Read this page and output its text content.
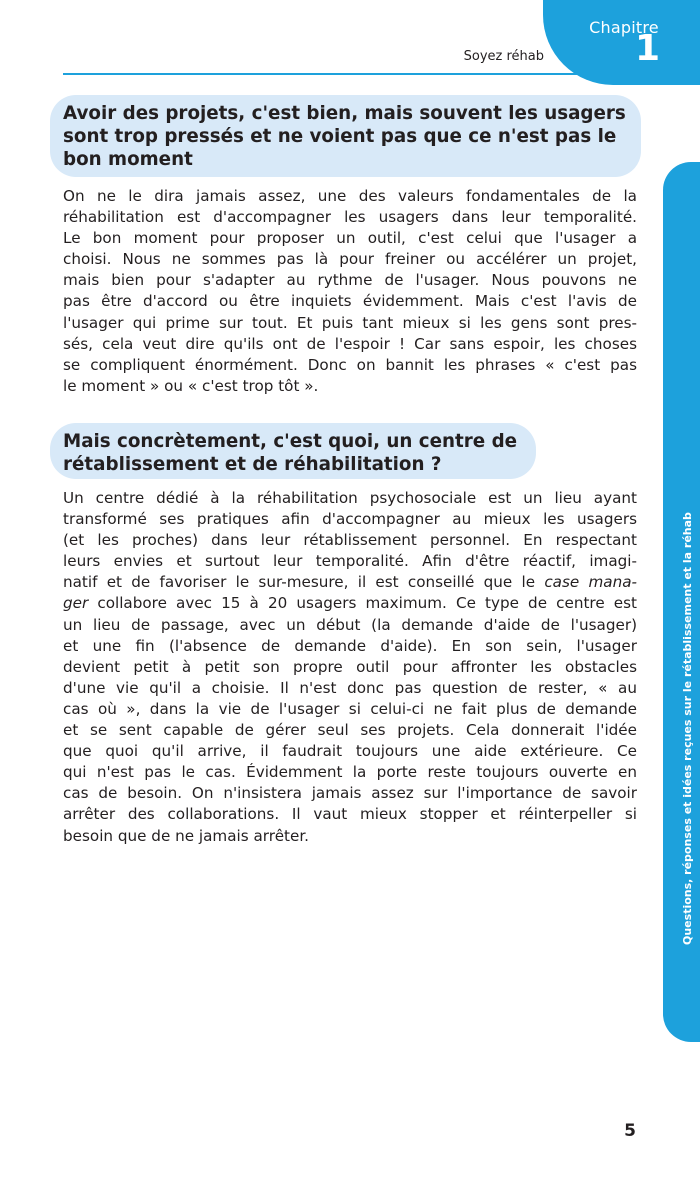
Chapitre
1
Soyez réhab
Questions, réponses et idées reçues sur le rétablissement et la réhab
Avoir des projets, c'est bien, mais souvent les usagers
sont trop pressés et ne voient pas que ce n'est pas le
bon moment
On ne le dira jamais assez, une des valeurs fondamentales de la
réhabilitation est d'accompagner les usagers dans leur temporalité.
Le bon moment pour proposer un outil, c'est celui que l'usager a
choisi. Nous ne sommes pas là pour freiner ou accélérer un projet,
mais bien pour s'adapter au rythme de l'usager. Nous pouvons ne
pas être d'accord ou être inquiets évidemment. Mais c'est l'avis de
l'usager qui prime sur tout. Et puis tant mieux si les gens sont pres-
sés, cela veut dire qu'ils ont de l'espoir ! Car sans espoir, les choses
se compliquent énormément. Donc on bannit les phrases « c'est pas
le moment » ou « c'est trop tôt ».
Mais concrètement, c'est quoi, un centre de
rétablissement et de réhabilitation ?
Un centre dédié à la réhabilitation psychosociale est un lieu ayant
transformé ses pratiques afin d'accompagner au mieux les usagers
(et les proches) dans leur rétablissement personnel. En respectant
leurs envies et surtout leur temporalité. Afin d'être réactif, imagi-
natif et de favoriser le sur-mesure, il est conseillé que le case mana-
ger collabore avec 15 à 20 usagers maximum. Ce type de centre est
un lieu de passage, avec un début (la demande d'aide de l'usager)
et une fin (l'absence de demande d'aide). En son sein, l'usager
devient petit à petit son propre outil pour affronter les obstacles
d'une vie qu'il a choisie. Il n'est donc pas question de rester, « au
cas où », dans la vie de l'usager si celui-ci ne fait plus de demande
et se sent capable de gérer seul ses projets. Cela donnerait l'idée
que quoi qu'il arrive, il faudrait toujours une aide extérieure. Ce
qui n'est pas le cas. Évidemment la porte reste toujours ouverte en
cas de besoin. On n'insistera jamais assez sur l'importance de savoir
arrêter des collaborations. Il vaut mieux stopper et réinterpeller si
besoin que de ne jamais arrêter.
5
